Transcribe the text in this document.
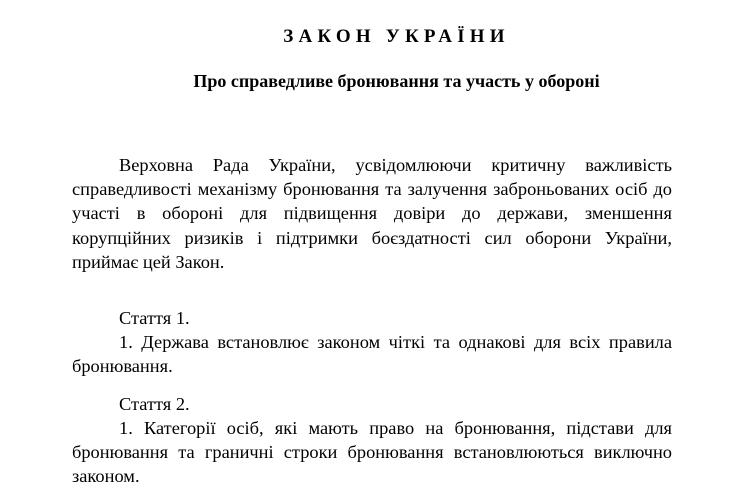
ЗАКОН УКРАЇНИ
Про справедливе бронювання та участь у обороні
Верховна Рада України, усвідомлюючи критичну важливість справедливості механізму бронювання та залучення заброньованих осіб до участі в обороні для підвищення довіри до держави, зменшення корупційних ризиків і підтримки боєздатності сил оборони України, приймає цей Закон.
Стаття 1.
1. Держава встановлює законом чіткі та однакові для всіх правила бронювання.
Стаття 2.
1. Категорії осіб, які мають право на бронювання, підстави для бронювання та граничні строки бронювання встановлюються виключно законом.
